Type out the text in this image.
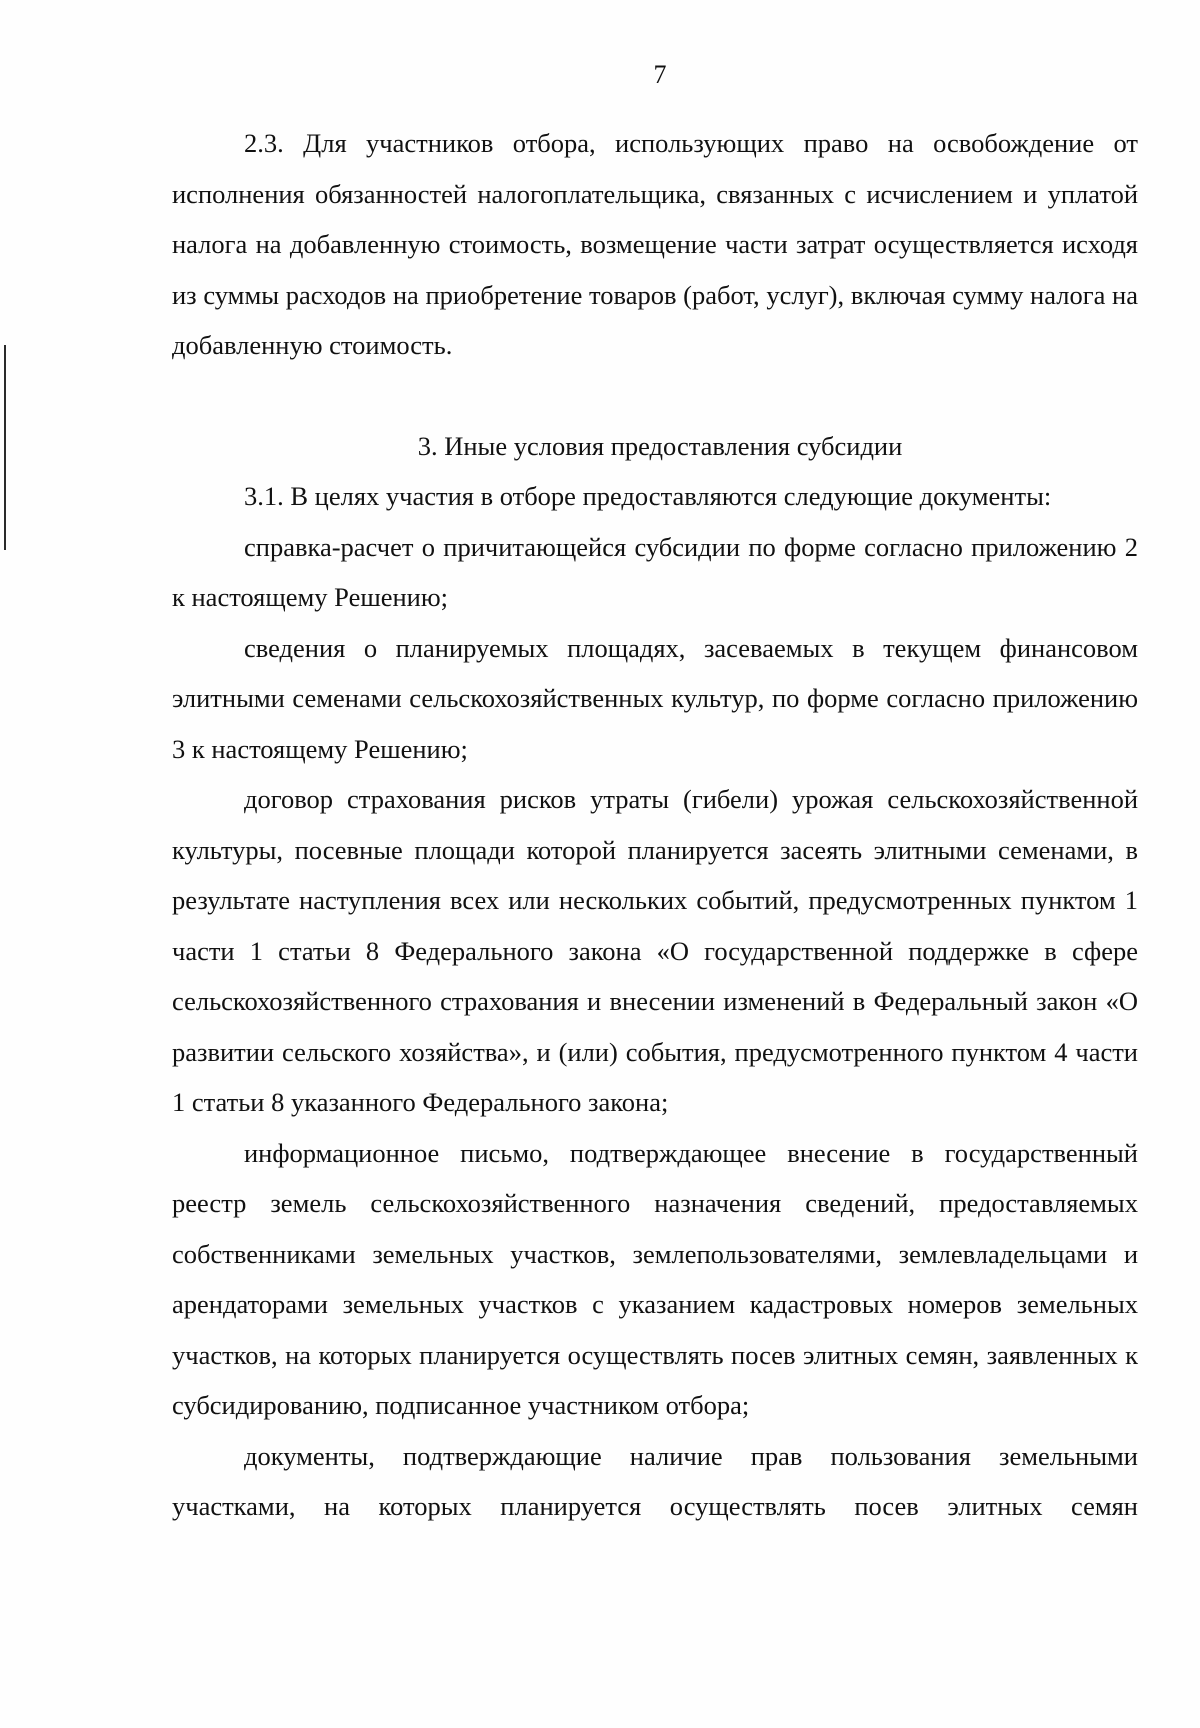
7

2.3. Для участников отбора, использующих право на освобождение от исполнения обязанностей налогоплательщика, связанных с исчислением и уплатой налога на добавленную стоимость, возмещение части затрат осуществляется исходя из суммы расходов на приобретение товаров (работ, услуг), включая сумму налога на добавленную стоимость.

3. Иные условия предоставления субсидии

3.1. В целях участия в отборе предоставляются следующие документы:

справка-расчет о причитающейся субсидии по форме согласно приложению 2 к настоящему Решению;

сведения о планируемых площадях, засеваемых в текущем финансовом элитными семенами сельскохозяйственных культур, по форме согласно приложению 3 к настоящему Решению;

договор страхования рисков утраты (гибели) урожая сельскохозяйственной культуры, посевные площади которой планируется засеять элитными семенами, в результате наступления всех или нескольких событий, предусмотренных пунктом 1 части 1 статьи 8 Федерального закона «О государственной поддержке в сфере сельскохозяйственного страхования и внесении изменений в Федеральный закон «О развитии сельского хозяйства», и (или) события, предусмотренного пунктом 4 части 1 статьи 8 указанного Федерального закона;

информационное письмо, подтверждающее внесение в государственный реестр земель сельскохозяйственного назначения сведений, предоставляемых собственниками земельных участков, землепользователями, землевладельцами и арендаторами земельных участков с указанием кадастровых номеров земельных участков, на которых планируется осуществлять посев элитных семян, заявленных к субсидированию, подписанное участником отбора;

документы, подтверждающие наличие прав пользования земельными участками, на которых планируется осуществлять посев элитных семян
